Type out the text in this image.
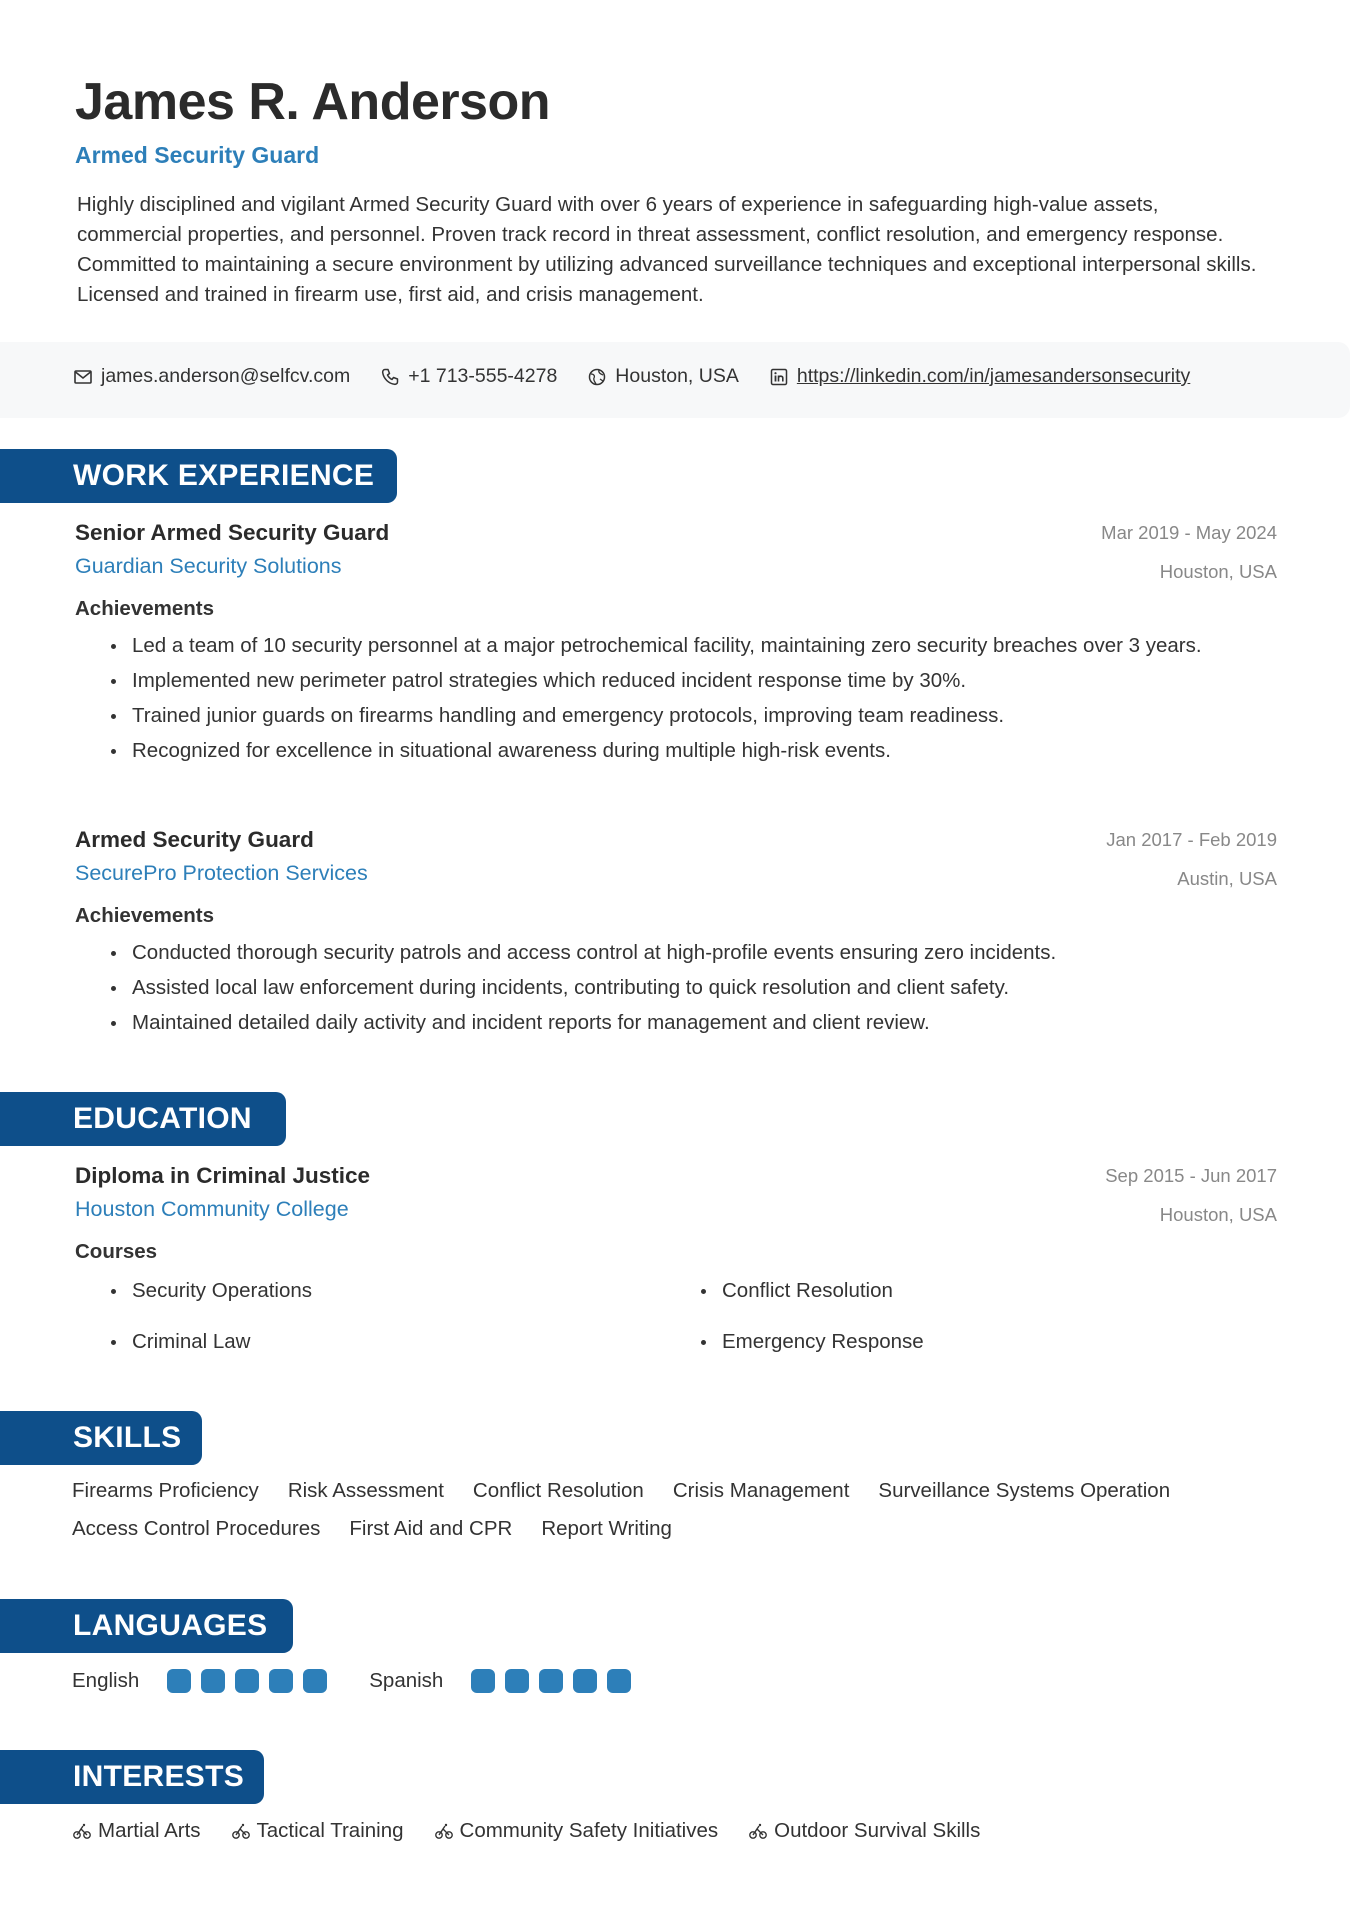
James R. Anderson
Armed Security Guard
Highly disciplined and vigilant Armed Security Guard with over 6 years of experience in safeguarding high-value assets, commercial properties, and personnel. Proven track record in threat assessment, conflict resolution, and emergency response. Committed to maintaining a secure environment by utilizing advanced surveillance techniques and exceptional interpersonal skills. Licensed and trained in firearm use, first aid, and crisis management.
james.anderson@selfcv.com	+1 713-555-4278	Houston, USA	https://linkedin.com/in/jamesandersonsecurity
WORK EXPERIENCE
Senior Armed Security Guard
Guardian Security Solutions
Mar 2019 - May 2024
Houston, USA
Achievements
Led a team of 10 security personnel at a major petrochemical facility, maintaining zero security breaches over 3 years.
Implemented new perimeter patrol strategies which reduced incident response time by 30%.
Trained junior guards on firearms handling and emergency protocols, improving team readiness.
Recognized for excellence in situational awareness during multiple high-risk events.
Armed Security Guard
SecurePro Protection Services
Jan 2017 - Feb 2019
Austin, USA
Achievements
Conducted thorough security patrols and access control at high-profile events ensuring zero incidents.
Assisted local law enforcement during incidents, contributing to quick resolution and client safety.
Maintained detailed daily activity and incident reports for management and client review.
EDUCATION
Diploma in Criminal Justice
Houston Community College
Sep 2015 - Jun 2017
Houston, USA
Courses
Security Operations	Conflict Resolution
Criminal Law	Emergency Response
SKILLS
Firearms Proficiency Risk Assessment Conflict Resolution Crisis Management Surveillance Systems Operation
Access Control Procedures First Aid and CPR Report Writing
LANGUAGES
English	Spanish
INTERESTS
Martial Arts	Tactical Training	Community Safety Initiatives	Outdoor Survival Skills
